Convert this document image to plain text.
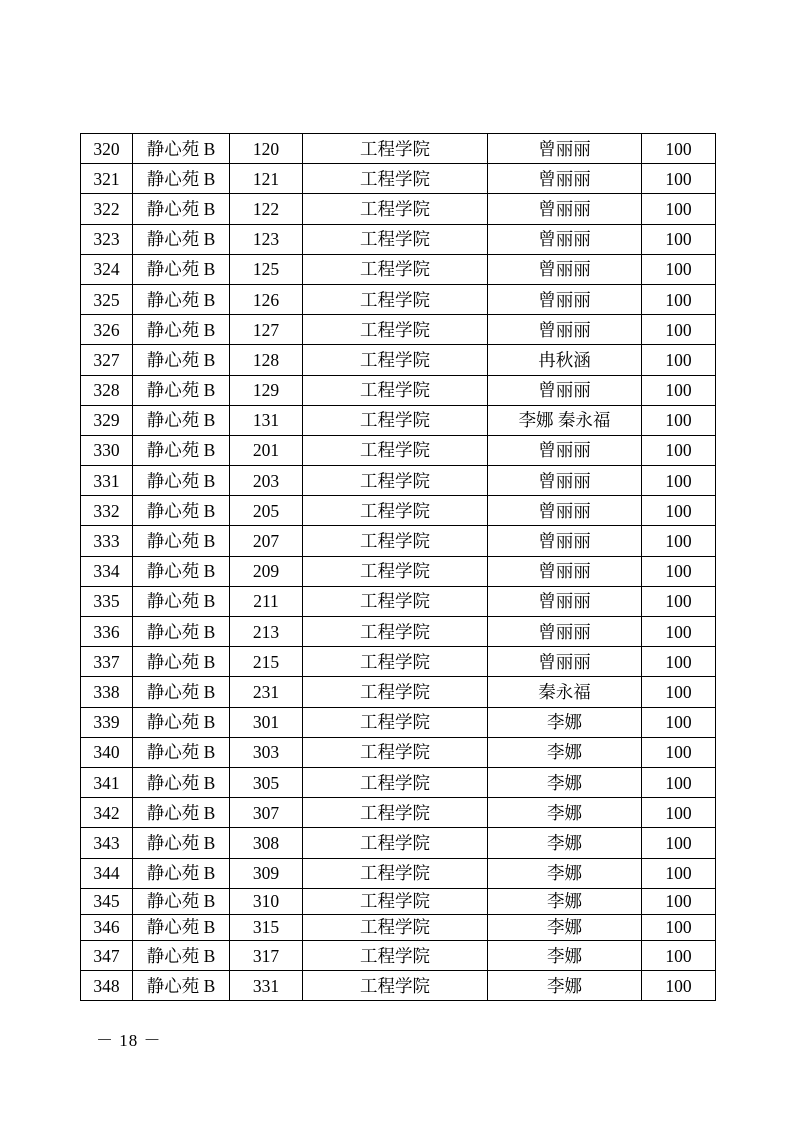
320	静心苑 B	120	工程学院	曾丽丽	100
321	静心苑 B	121	工程学院	曾丽丽	100
322	静心苑 B	122	工程学院	曾丽丽	100
323	静心苑 B	123	工程学院	曾丽丽	100
324	静心苑 B	125	工程学院	曾丽丽	100
325	静心苑 B	126	工程学院	曾丽丽	100
326	静心苑 B	127	工程学院	曾丽丽	100
327	静心苑 B	128	工程学院	冉秋涵	100
328	静心苑 B	129	工程学院	曾丽丽	100
329	静心苑 B	131	工程学院	李娜 秦永福	100
330	静心苑 B	201	工程学院	曾丽丽	100
331	静心苑 B	203	工程学院	曾丽丽	100
332	静心苑 B	205	工程学院	曾丽丽	100
333	静心苑 B	207	工程学院	曾丽丽	100
334	静心苑 B	209	工程学院	曾丽丽	100
335	静心苑 B	211	工程学院	曾丽丽	100
336	静心苑 B	213	工程学院	曾丽丽	100
337	静心苑 B	215	工程学院	曾丽丽	100
338	静心苑 B	231	工程学院	秦永福	100
339	静心苑 B	301	工程学院	李娜	100
340	静心苑 B	303	工程学院	李娜	100
341	静心苑 B	305	工程学院	李娜	100
342	静心苑 B	307	工程学院	李娜	100
343	静心苑 B	308	工程学院	李娜	100
344	静心苑 B	309	工程学院	李娜	100
345	静心苑 B	310	工程学院	李娜	100
346	静心苑 B	315	工程学院	李娜	100
347	静心苑 B	317	工程学院	李娜	100
348	静心苑 B	331	工程学院	李娜	100
－ 18 －
